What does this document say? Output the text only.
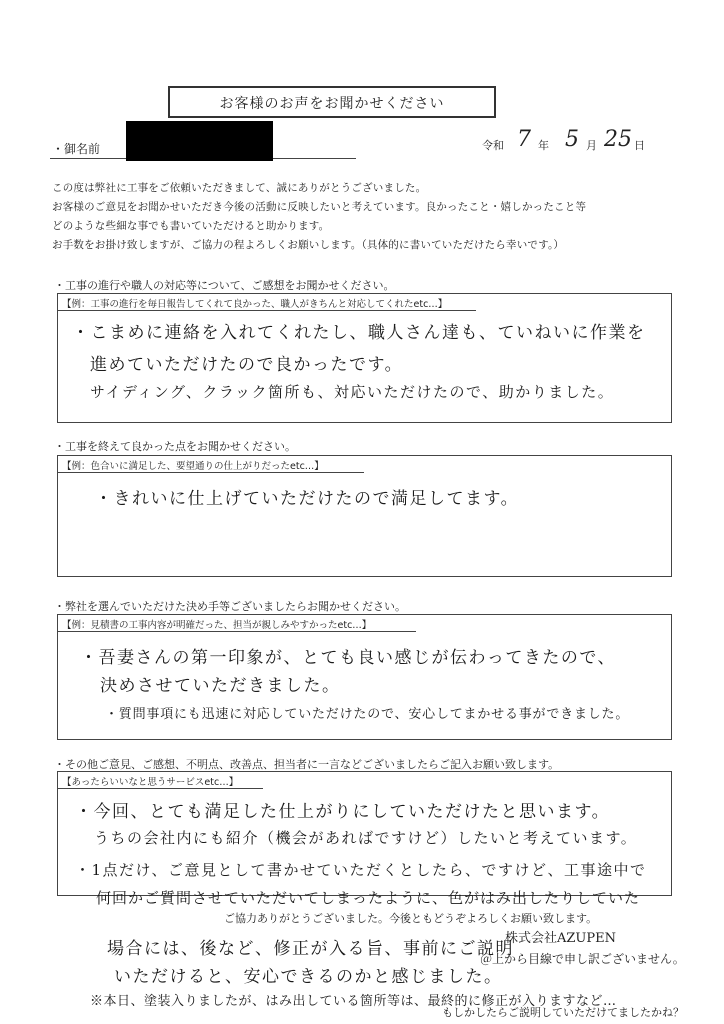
お客様のお声をお聞かせください
・御名前	令和 7 年 5 月 25 日
この度は弊社に工事をご依頼いただきまして、誠にありがとうございました。
お客様のご意見をお聞かせいただき今後の活動に反映したいと考えています。良かったこと・嬉しかったこと等
どのような些細な事でも書いていただけると助かります。
お手数をお掛け致しますが、ご協力の程よろしくお願いします。（具体的に書いていただけたら幸いです。）
・工事の進行や職人の対応等について、ご感想をお聞かせください。
【例：工事の進行を毎日報告してくれて良かった、職人がきちんと対応してくれたetc…】
・こまめに連絡を入れてくれたし、職人さん達も、ていねいに作業を
進めていただけたので良かったです。
サイディング、クラック箇所も、対応いただけたので、助かりました。
・工事を終えて良かった点をお聞かせください。
【例：色合いに満足した、要望通りの仕上がりだったetc…】
・きれいに仕上げていただけたので満足してます。
・弊社を選んでいただけた決め手等ございましたらお聞かせください。
【例：見積書の工事内容が明確だった、担当が親しみやすかったetc…】
・吾妻さんの第一印象が、とても良い感じが伝わってきたので、
決めさせていただきました。
・質問事項にも迅速に対応していただけたので、安心してまかせる事ができました。
・その他ご意見、ご感想、不明点、改善点、担当者に一言などございましたらご記入お願い致します。
【あったらいいなと思うサービスetc…】
・今回、とても満足した仕上がりにしていただけたと思います。
うちの会社内にも紹介（機会があればですけど）したいと考えています。
・1点だけ、ご意見として書かせていただくとしたら、ですけど、工事途中で
何回かご質問させていただいてしまったように、色がはみ出したりしていた
ご協力ありがとうございました。今後ともどうぞよろしくお願い致します。
株式会社AZUPEN
場合には、後など、修正が入る旨、事前にご説明
いただけると、安心できるのかと感じました。
※本日、塗装入りましたが、はみ出している箇所等は、最終的に修正が入りますなど…
＠上から目線で申し訳ございません。
もしかしたらご説明していただけてましたかね？
